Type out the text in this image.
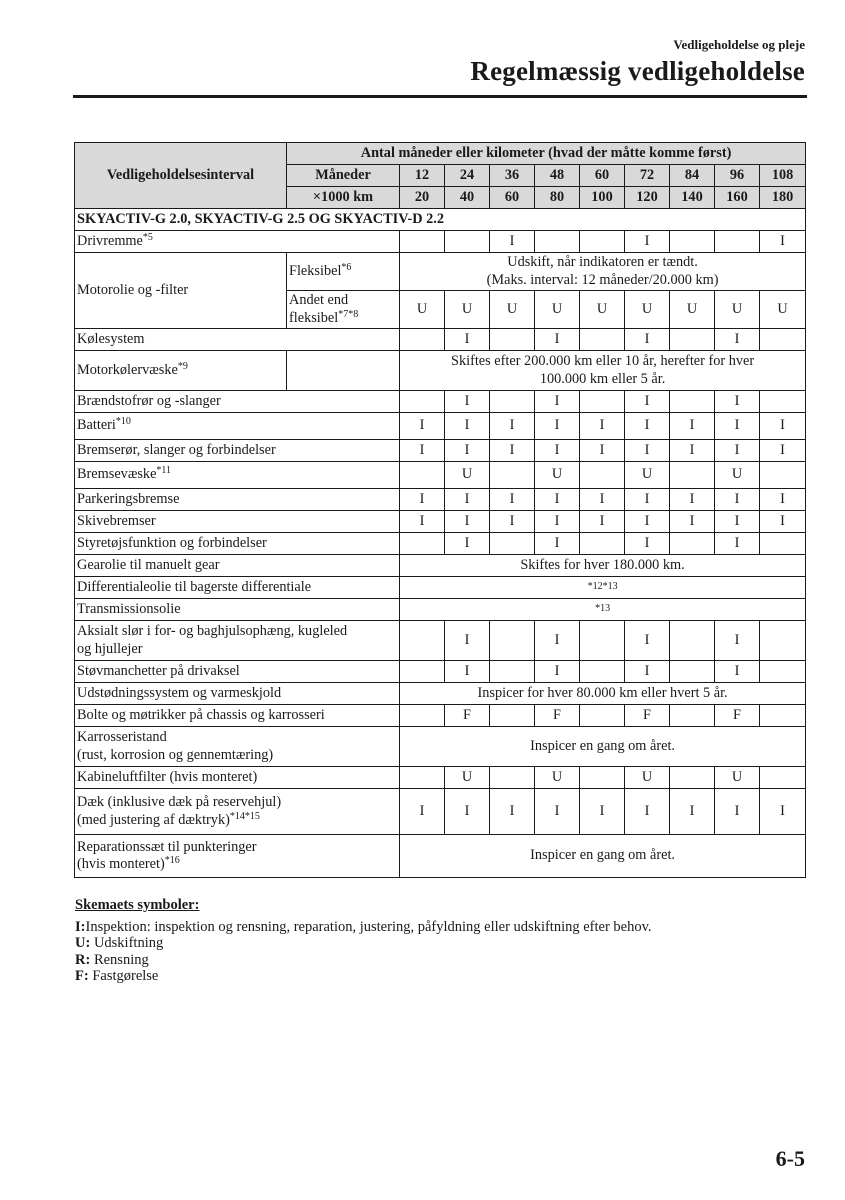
Vedligeholdelse og pleje
Regelmæssig vedligeholdelse
Vedligeholdelsesinterval	Antal måneder eller kilometer (hvad der måtte komme først)									
	Måneder	12	24	36	48	60	72	84	96	108
	×1000 km	20	40	60	80	100	120	140	160	180
SKYACTIV-G 2.0, SKYACTIV-G 2.5 OG SKYACTIV-D 2.2										
Drivremme$^{*5}$				I			I			I
Motorolie og -filter	Fleksibel$^{*6}$	Udskift, når indikatoren er tændt.
(Maks. interval: 12 måneder/20.000 km)								

	Andet end
fleksibel$^{*7*8}$	U	U	U	U	U	U	U	U	U
Kølesystem			I		I		I		I	
Motorkølervæske$^{*9}$		Skiftes efter 200.000 km eller 10 år, herefter for hver
100.000 km eller 5 år.								

Brændstofrør og -slanger			I		I		I		I	
Batteri$^{*10}$		I	I	I	I	I	I	I	I	I
Bremserør, slanger og forbindelser		I	I	I	I	I	I	I	I	I
Bremsevæske$^{*11}$			U		U		U		U	
Parkeringsbremse		I	I	I	I	I	I	I	I	I
Skivebremser		I	I	I	I	I	I	I	I	I
Styretøjsfunktion og forbindelser			I		I		I		I	
Gearolie til manuelt gear		Skiftes for hver 180.000 km.								
Differentialeolie til bagerste differentiale		*12*13								
Transmissionsolie		*13								

Aksialt slør i for- og baghjulsophæng, kugleled
og hjullejer			I		I		I		I	
Støvmanchetter på drivaksel			I		I		I		I	
Udstødningssystem og varmeskjold		Inspicer for hver 80.000 km eller hvert 5 år.								
Bolte og møtrikker på chassis og karrosseri			F		F		F		F	

Karrosseristand
(rust, korrosion og gennemtæring)		Inspicer en gang om året.								
Kabineluftfilter (hvis monteret)			U		U		U		U	

Dæk (inklusive dæk på reservehjul)
(med justering af dæktryk)$^{*14*15}$		I	I	I	I	I	I	I	I	I

Reparationssæt til punkteringer
(hvis monteret)$^{*16}$		Inspicer en gang om året.								
Skemaets symboler:
I:Inspektion: inspektion og rensning, reparation, justering, påfyldning eller udskiftning efter behov.
U: Udskiftning
R: Rensning
F: Fastgørelse
6-5
